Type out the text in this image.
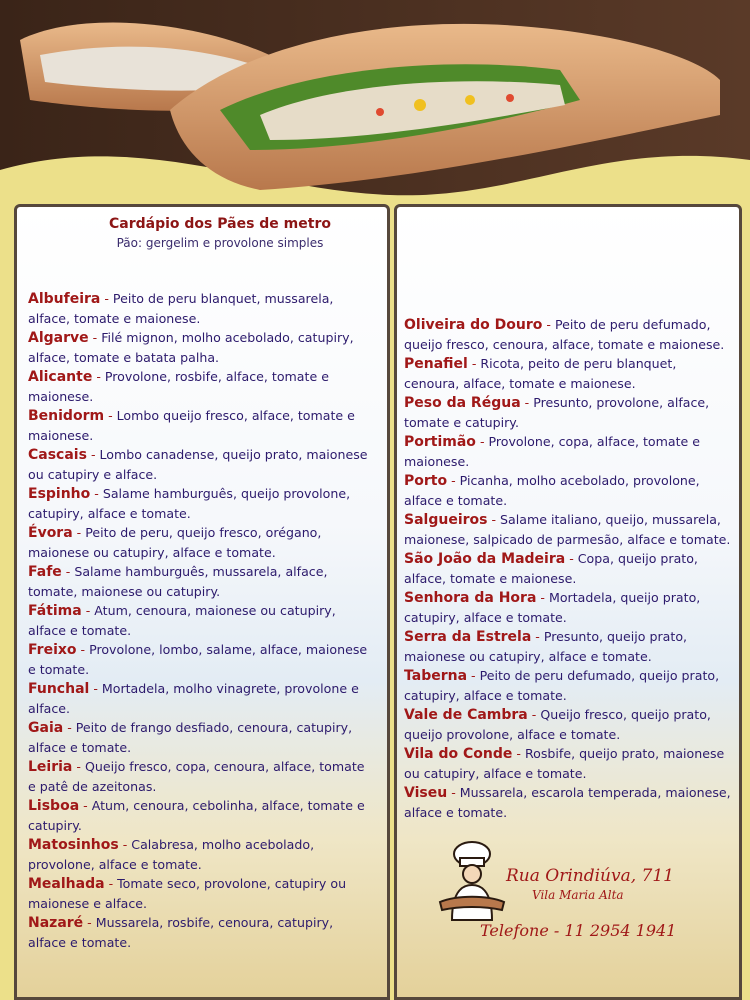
Cardápio dos Pães de metro
Pão: gergelim e provolone simples
Albufeira - Peito de peru blanquet, mussarela, alface, tomate e maionese.
Algarve - Filé mignon, molho acebolado, catupiry, alface, tomate e batata palha.
Alicante - Provolone, rosbife, alface, tomate e maionese.
Benidorm - Lombo queijo fresco, alface, tomate e maionese.
Cascais - Lombo canadense, queijo prato, maionese ou catupiry e alface.
Espinho - Salame hamburguês, queijo provolone, catupiry, alface e tomate.
Évora - Peito de peru, queijo fresco, orégano, maionese ou catupiry, alface e tomate.
Fafe - Salame hamburguês, mussarela, alface, tomate, maionese ou catupiry.
Fátima - Atum, cenoura, maionese ou catupiry, alface e tomate.
Freixo - Provolone, lombo, salame, alface, maionese e tomate.
Funchal - Mortadela, molho vinagrete, provolone e alface.
Gaia - Peito de frango desfiado, cenoura, catupiry, alface e tomate.
Leiria - Queijo fresco, copa, cenoura, alface, tomate e patê de azeitonas.
Lisboa - Atum, cenoura, cebolinha, alface, tomate e catupiry.
Matosinhos - Calabresa, molho acebolado, provolone, alface e tomate.
Mealhada - Tomate seco, provolone, catupiry ou maionese e alface.
Nazaré - Mussarela, rosbife, cenoura, catupiry, alface e tomate.
Oliveira do Douro - Peito de peru defumado, queijo fresco, cenoura, alface, tomate e maionese.
Penafiel - Ricota, peito de peru blanquet, cenoura, alface, tomate e maionese.
Peso da Régua - Presunto, provolone, alface, tomate e catupiry.
Portimão - Provolone, copa, alface, tomate e maionese.
Porto - Picanha, molho acebolado, provolone, alface e tomate.
Salgueiros - Salame italiano, queijo, mussarela, maionese, salpicado de parmesão, alface e tomate.
São João da Madeira - Copa, queijo prato, alface, tomate e maionese.
Senhora da Hora - Mortadela, queijo prato, catupiry, alface e tomate.
Serra da Estrela - Presunto, queijo prato, maionese ou catupiry, alface e tomate.
Taberna - Peito de peru defumado, queijo prato, catupiry, alface e tomate.
Vale de Cambra - Queijo fresco, queijo prato, queijo provolone, alface e tomate.
Vila do Conde - Rosbife, queijo prato, maionese ou catupiry, alface e tomate.
Viseu - Mussarela, escarola temperada, maionese, alface e tomate.
Rua Orindiúva, 711
Vila Maria Alta
Telefone - 11 2954 1941
